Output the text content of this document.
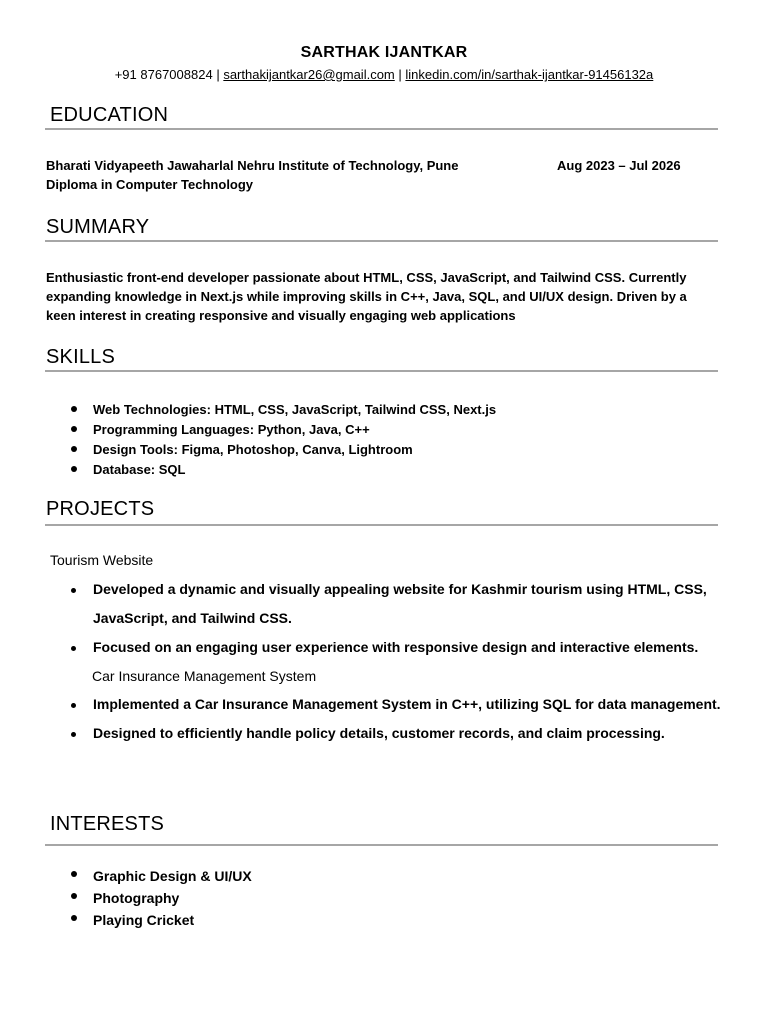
SARTHAK IJANTKAR
+91 8767008824 | sarthakijantkar26@gmail.com | linkedin.com/in/sarthak-ijantkar-91456132a
EDUCATION
Bharati Vidyapeeth Jawaharlal Nehru Institute of Technology, Pune	Aug 2023 – Jul 2026
Diploma in Computer Technology
SUMMARY
Enthusiastic front-end developer passionate about HTML, CSS, JavaScript, and Tailwind CSS. Currently
expanding knowledge in Next.js while improving skills in C++, Java, SQL, and UI/UX design. Driven by a
keen interest in creating responsive and visually engaging web applications
SKILLS
Web Technologies: HTML, CSS, JavaScript, Tailwind CSS, Next.js
Programming Languages: Python, Java, C++
Design Tools: Figma, Photoshop, Canva, Lightroom
Database: SQL
PROJECTS
Tourism Website
Developed a dynamic and visually appealing website for Kashmir tourism using HTML, CSS, JavaScript, and Tailwind CSS.
Focused on an engaging user experience with responsive design and interactive elements.
Car Insurance Management System
Implemented a Car Insurance Management System in C++, utilizing SQL for data management.
Designed to efficiently handle policy details, customer records, and claim processing.
INTERESTS
Graphic Design & UI/UX
Photography
Playing Cricket
